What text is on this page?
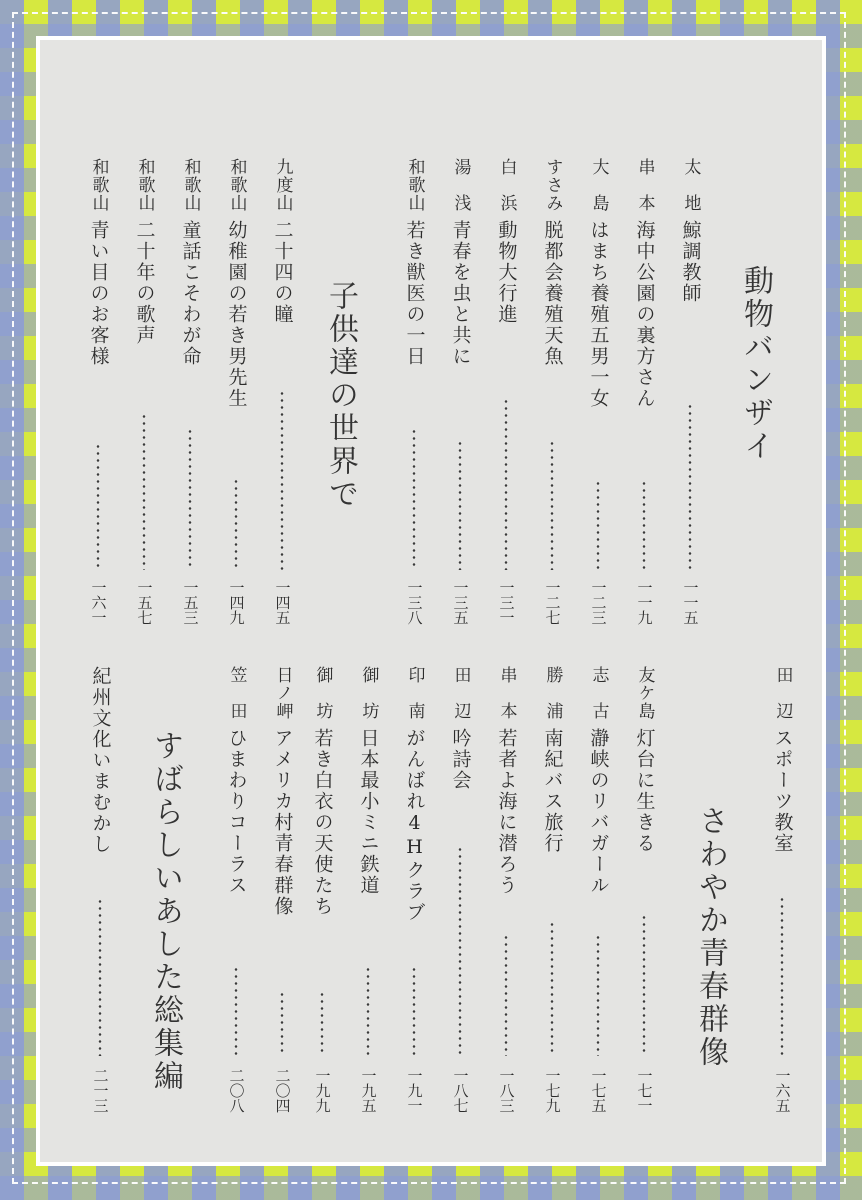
動物バンザイ
子供達の世界で
さわやか青春群像
すばらしいあした総集編
太　地
鯨調教師
一一五
串　本
海中公園の裏方さん
一一九
大　島
はまち養殖五男一女
一二三
すさみ
脱都会養殖天魚
一二七
白　浜
動物大行進
一三一
湯　浅
青春を虫と共に
一三五
和歌山
若き獣医の一日
一三八
九度山
二十四の瞳
一四五
和歌山
幼稚園の若き男先生
一四九
和歌山
童話こそわが命
一五三
和歌山
二十年の歌声
一五七
和歌山
青い目のお客様
一六一
田　辺
スポーツ教室
一六五
友ケ島
灯台に生きる
一七一
志　古
瀞峡のリバガール
一七五
勝　浦
南紀バス旅行
一七九
串　本
若者よ海に潜ろう
一八三
田　辺
吟詩会
一八七
印　南
がんばれ4Hクラブ
一九一
御　坊
日本最小ミニ鉄道
一九五
御　坊
若き白衣の天使たち
一九九
日ノ岬
アメリカ村青春群像
二〇四
笠　田
ひまわりコーラス
二〇八
紀州文化いまむかし
二一三
